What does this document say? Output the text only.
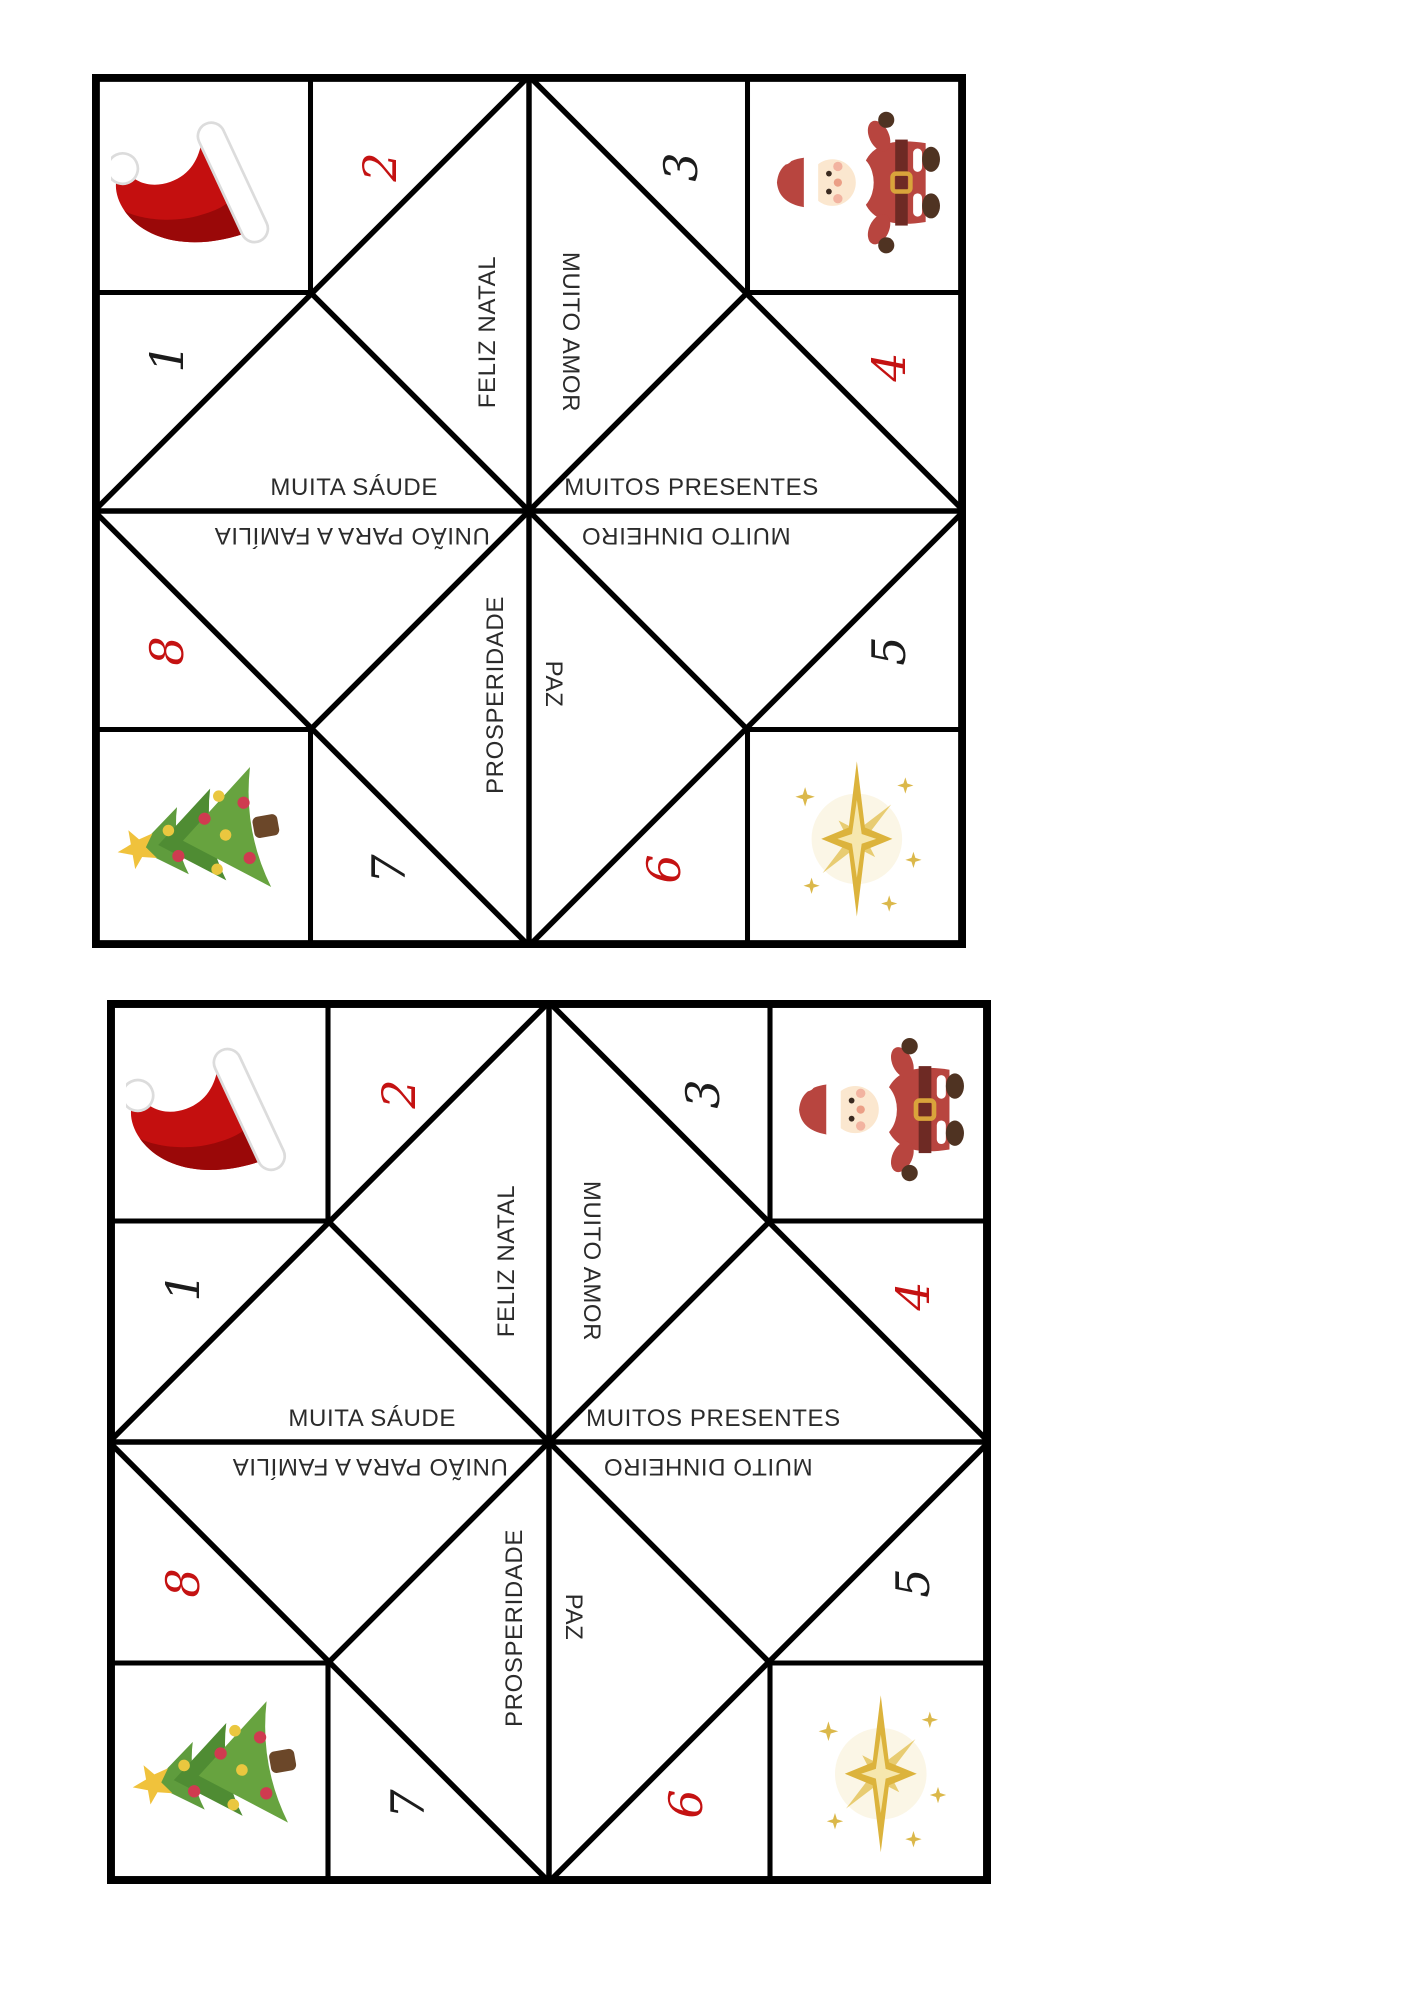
FELIZ NATAL MUITO AMOR
MUITA SÁUDE	MUITOS PRESENTES
UNIÃO PARA A FAMÍLIA	MUITO DINHEIRO
PROSPERIDADE PAZ
1
2	3
4
5
6
7
8
FELIZ NATAL MUITO AMOR
MUITA SÁUDE	MUITOS PRESENTES
UNIÃO PARA A FAMÍLIA	MUITO DINHEIRO
PROSPERIDADE PAZ
1
2	3
4
5
6
7
8
